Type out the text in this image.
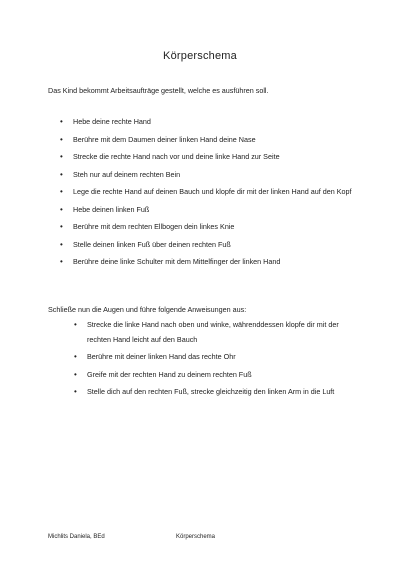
Körperschema
Das Kind bekommt Arbeitsaufträge gestellt, welche es ausführen soll.
• Hebe deine rechte Hand
• Berühre mit dem Daumen deiner linken Hand deine Nase
• Strecke die rechte Hand nach vor und deine linke Hand zur Seite
• Steh nur auf deinem rechten Bein
• Lege die rechte Hand auf deinen Bauch und klopfe dir mit der linken Hand auf den Kopf
• Hebe deinen linken Fuß
• Berühre mit dem rechten Ellbogen dein linkes Knie
• Stelle deinen linken Fuß über deinen rechten Fuß
• Berühre deine linke Schulter mit dem Mittelfinger der linken Hand
Schließe nun die Augen und führe folgende Anweisungen aus:
• Strecke die linke Hand nach oben und winke, währenddessen klopfe dir mit der rechten Hand leicht auf den Bauch
• Berühre mit deiner linken Hand das rechte Ohr
• Greife mit der rechten Hand zu deinem rechten Fuß
• Stelle dich auf den rechten Fuß, strecke gleichzeitig den linken Arm in die Luft
Michlits Daniela, BEd	Körperschema
